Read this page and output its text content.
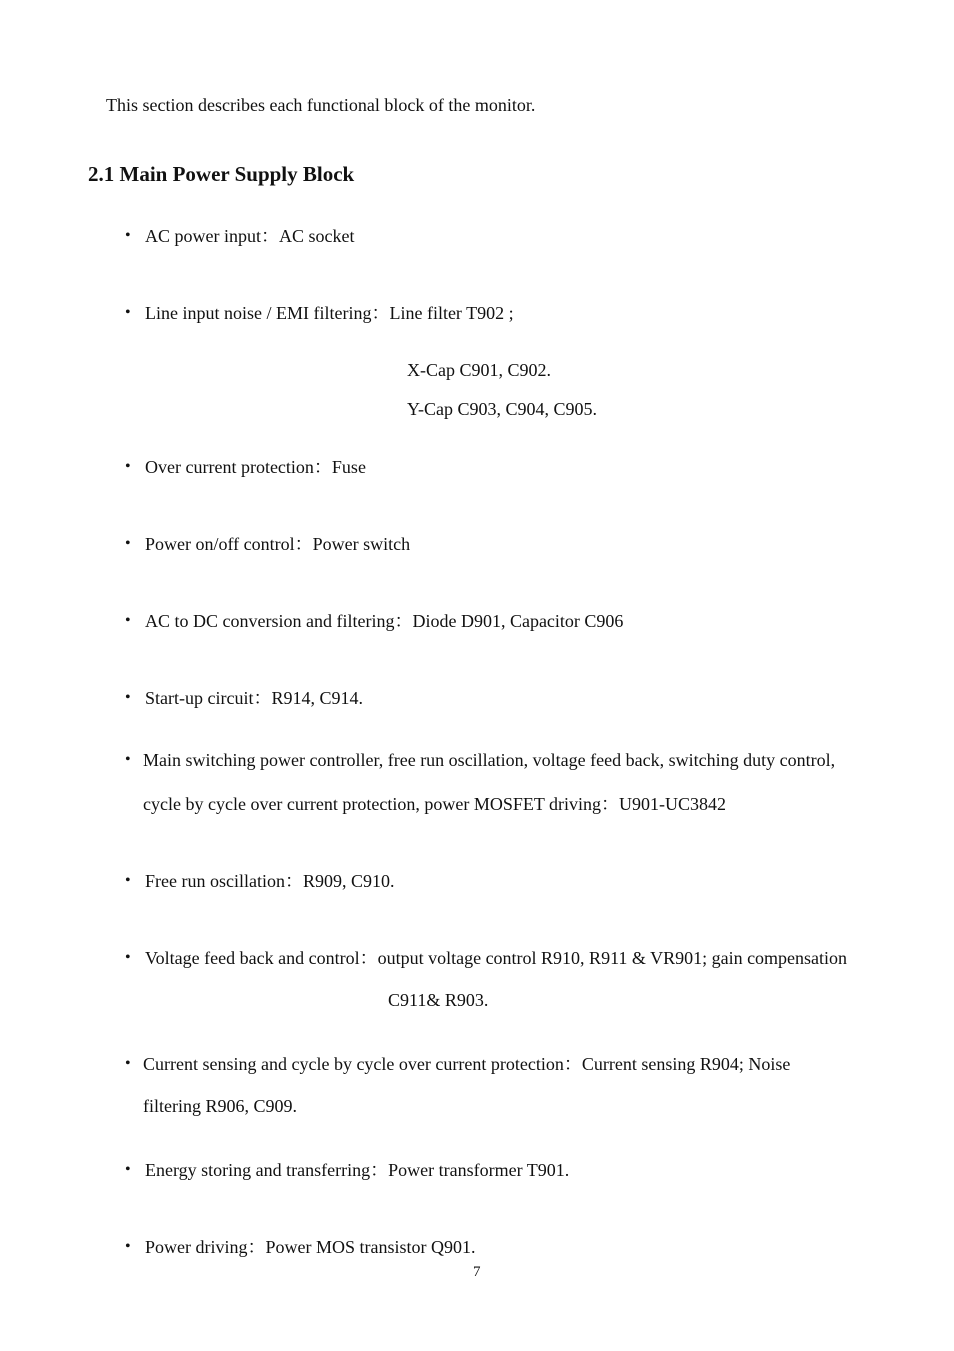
This section describes each functional block of the monitor.
2.1 Main Power Supply Block
• AC power input：AC socket
• Line input noise / EMI filtering：Line filter T902 ;
X-Cap C901, C902.
Y-Cap C903, C904, C905.
• Over current protection：Fuse
• Power on/off control：Power switch
• AC to DC conversion and filtering：Diode D901, Capacitor C906
• Start-up circuit：R914, C914.
• Main switching power controller, free run oscillation, voltage feed back, switching duty control,
cycle by cycle over current protection, power MOSFET driving：U901-UC3842
• Free run oscillation：R909, C910.
• Voltage feed back and control：output voltage control R910, R911 & VR901; gain compensation
C911& R903.
• Current sensing and cycle by cycle over current protection：Current sensing R904; Noise
filtering R906, C909.
• Energy storing and transferring：Power transformer T901.
• Power driving：Power MOS transistor Q901.
7
